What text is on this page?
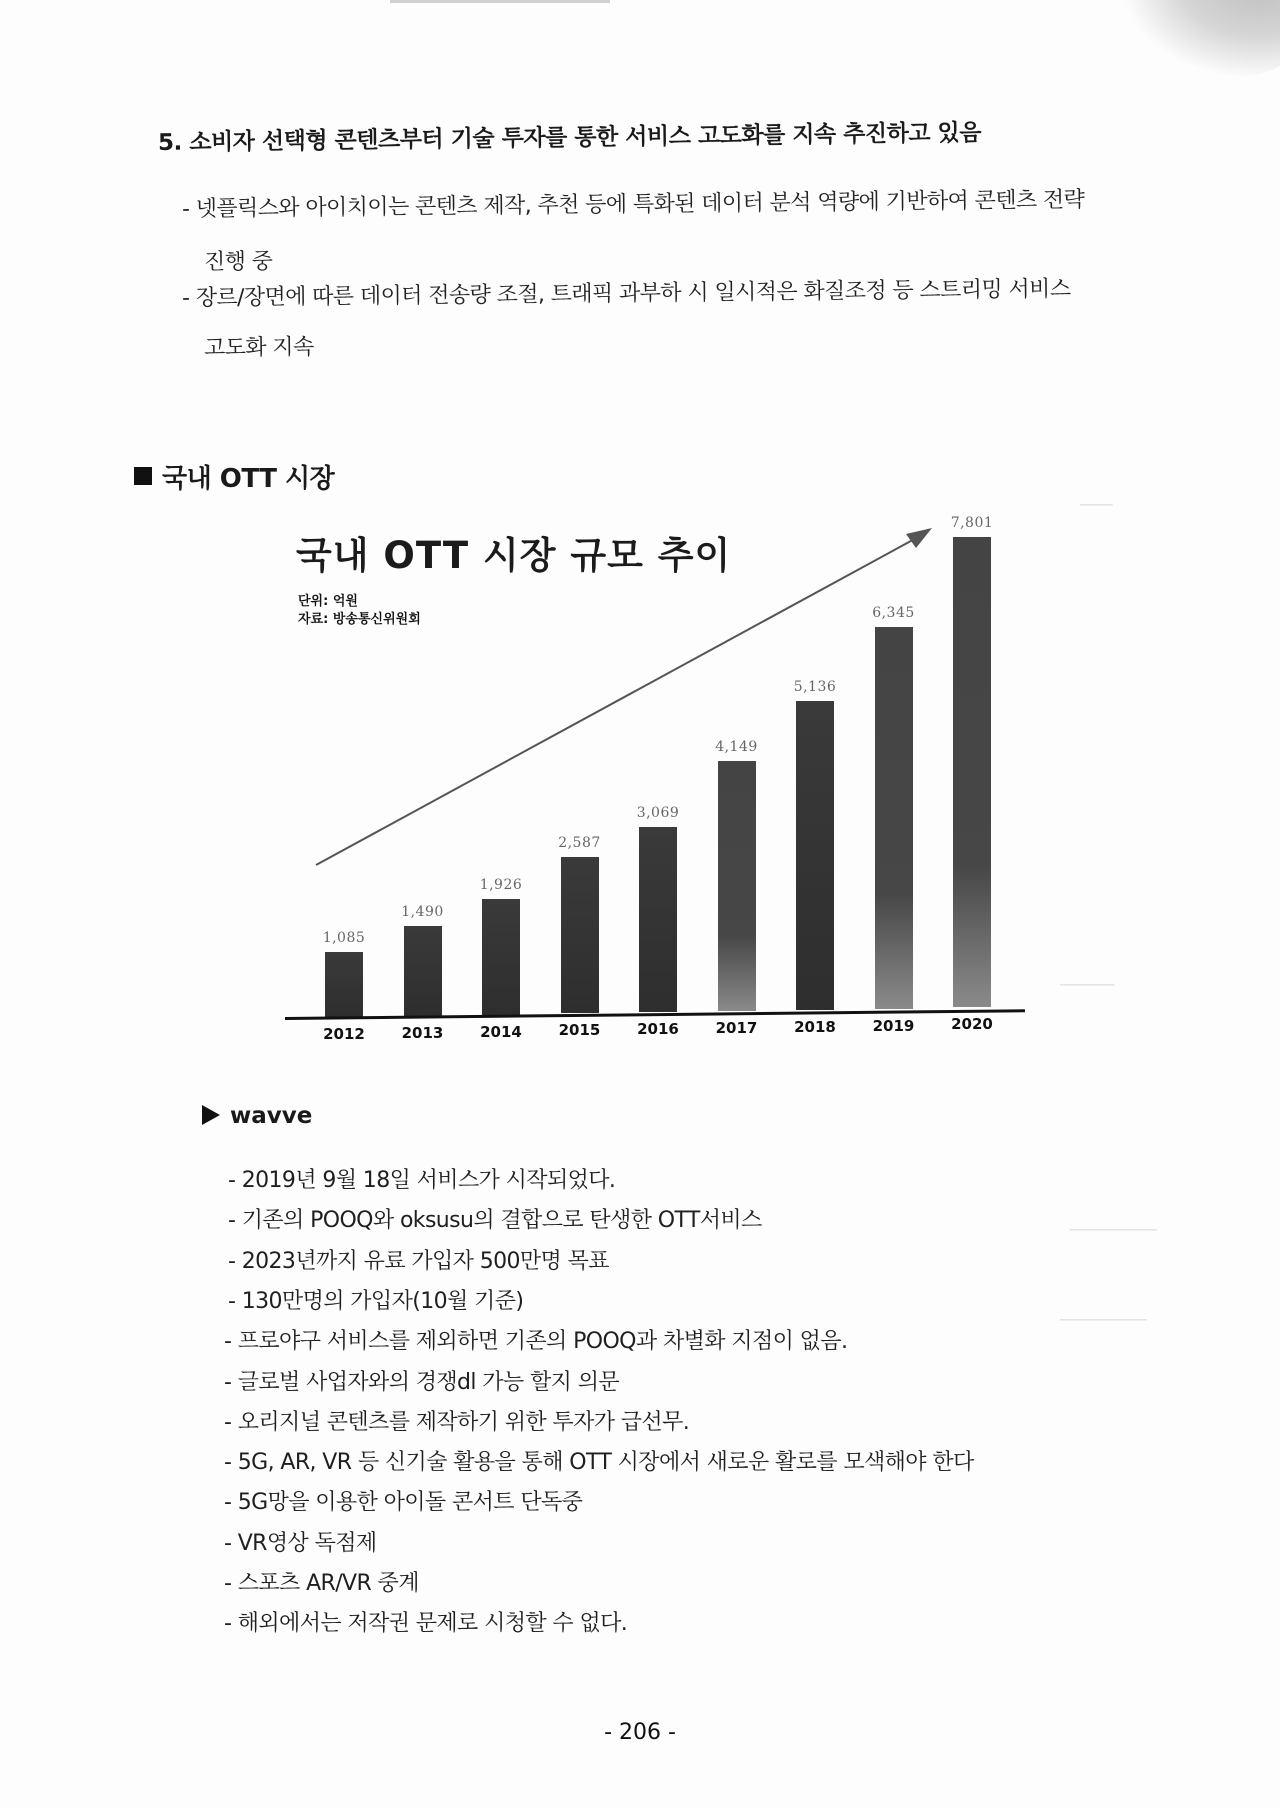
───
─────
────────
────────
5. 소비자 선택형 콘텐츠부터 기술 투자를 통한 서비스 고도화를 지속 추진하고 있음
- 넷플릭스와 아이치이는 콘텐츠 제작, 추천 등에 특화된 데이터 분석 역량에 기반하여 콘텐츠 전략
진행 중
- 장르/장면에 따른 데이터 전송량 조절, 트래픽 과부하 시 일시적은 화질조정 등 스트리밍 서비스
고도화 지속
국내 OTT 시장
국내 OTT 시장 규모 추이
단위: 억원
자료: 방송통신위원회
1,085
1,490
1,926
2,587
3,069
4,149
5,136
6,345
7,801
2012	2013	2014	2015	2016	2017	2018	2019	2020
wavve
- 2019년 9월 18일 서비스가 시작되었다.
- 기존의 POOQ와 oksusu의 결합으로 탄생한 OTT서비스
- 2023년까지 유료 가입자 500만명 목표
- 130만명의 가입자(10월 기준)
- 프로야구 서비스를 제외하면 기존의 POOQ과 차별화 지점이 없음.
- 글로벌 사업자와의 경쟁dl 가능 할지 의문
- 오리지널 콘텐츠를 제작하기 위한 투자가 급선무.
- 5G, AR, VR 등 신기술 활용을 통해 OTT 시장에서 새로운 활로를 모색해야 한다
- 5G망을 이용한 아이돌 콘서트 단독중
- VR영상 독점제
- 스포츠 AR/VR 중계
- 해외에서는 저작권 문제로 시청할 수 없다.
- 206 -
